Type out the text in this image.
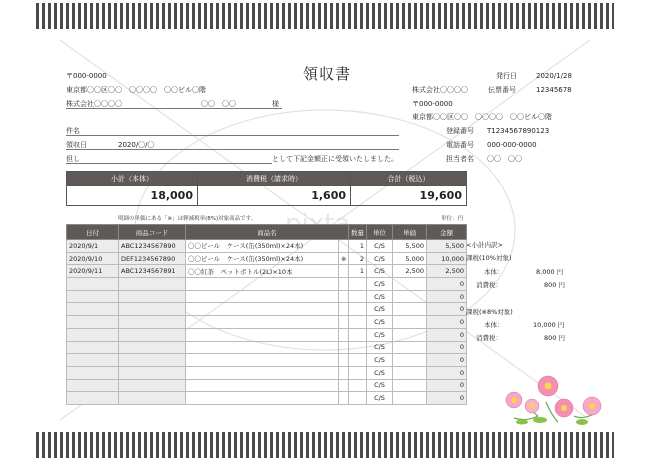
領収書
〒000-0000
東京都〇〇区〇〇　〇〇〇〇　〇〇ビル〇階
株式会社〇〇〇〇	〇〇　〇〇	様
発行日	2020/1/28
伝票番号	12345678
株式会社〇〇〇〇
〒000-0000
東京都〇〇区〇〇　〇〇〇〇　〇〇ビル〇階
登録番号 T1234567890123
電話番号 000-000-0000
担当者名 〇〇　〇〇
件名
領収日	2020/〇/〇
但し	として下記金額正に受領いたしました。
小計（本体）	消費税（請求時）	合計（税込）
18,000	1,600	19,600
明細の単価にある「※」は軽減税率(8%)対象商品です。	単位：円
日付	商品コード	商品名		数量	単位	単価	金額
2020/9/1	ABC1234567890	〇〇ビール　ケース(缶(350ml)×24本)		1	C/S	5,500	5,500
2020/9/10	DEF1234567890	〇〇ビール　ケース(缶(350ml)×24本)	※	2	C/S	5,000	10,000
2020/9/11	ABC1234567891	〇〇紅茶　ペットボトル(2L)×10本		1	C/S	2,500	2,500
					C/S		0
					C/S		0
					C/S		0
					C/S		0
					C/S		0
					C/S		0
					C/S		0
					C/S		0
					C/S		0
					C/S		0
<小計内訳>
課税(10%対象)
本体：	8,000 円
消費税：	800 円
課税(※8%対象)
本体：	10,000 円
消費税：	800 円
